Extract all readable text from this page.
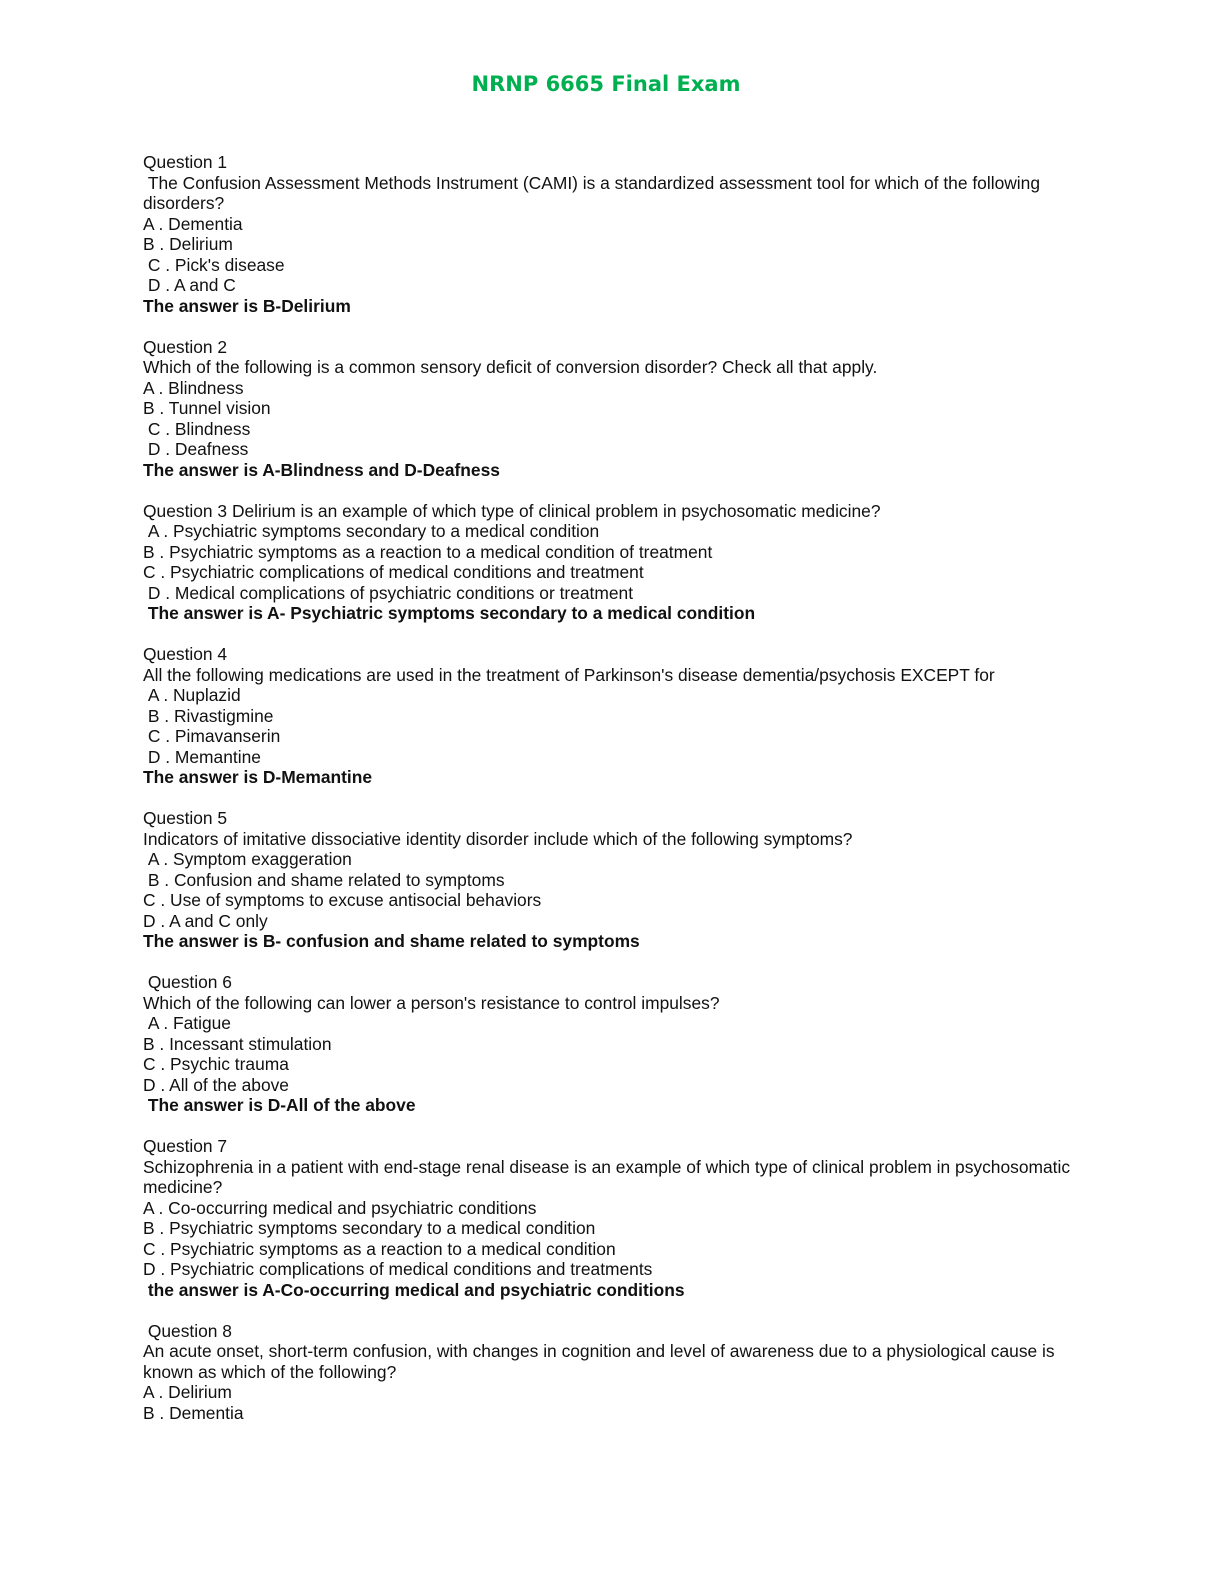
NRNP 6665 Final Exam
Question 1
The Confusion Assessment Methods Instrument (CAMI) is a standardized assessment tool for which of the following disorders?
A . Dementia
B . Delirium
C . Pick's disease
D . A and C
The answer is B-Delirium
Question 2
Which of the following is a common sensory deficit of conversion disorder? Check all that apply.
A . Blindness
B . Tunnel vision
C . Blindness
D . Deafness
The answer is A-Blindness and D-Deafness
Question 3 Delirium is an example of which type of clinical problem in psychosomatic medicine?
A . Psychiatric symptoms secondary to a medical condition
B . Psychiatric symptoms as a reaction to a medical condition of treatment
C . Psychiatric complications of medical conditions and treatment
D . Medical complications of psychiatric conditions or treatment
The answer is A- Psychiatric symptoms secondary to a medical condition
Question 4
All the following medications are used in the treatment of Parkinson's disease dementia/psychosis EXCEPT for
A . Nuplazid
B . Rivastigmine
C . Pimavanserin
D . Memantine
The answer is D-Memantine
Question 5
Indicators of imitative dissociative identity disorder include which of the following symptoms?
A . Symptom exaggeration
B . Confusion and shame related to symptoms
C . Use of symptoms to excuse antisocial behaviors
D . A and C only
The answer is B- confusion and shame related to symptoms
Question 6
Which of the following can lower a person's resistance to control impulses?
A . Fatigue
B . Incessant stimulation
C . Psychic trauma
D . All of the above
The answer is D-All of the above
Question 7
Schizophrenia in a patient with end-stage renal disease is an example of which type of clinical problem in psychosomatic medicine?
A . Co-occurring medical and psychiatric conditions
B . Psychiatric symptoms secondary to a medical condition
C . Psychiatric symptoms as a reaction to a medical condition
D . Psychiatric complications of medical conditions and treatments
the answer is A-Co-occurring medical and psychiatric conditions
Question 8
An acute onset, short-term confusion, with changes in cognition and level of awareness due to a physiological cause is known as which of the following?
A . Delirium
B . Dementia
